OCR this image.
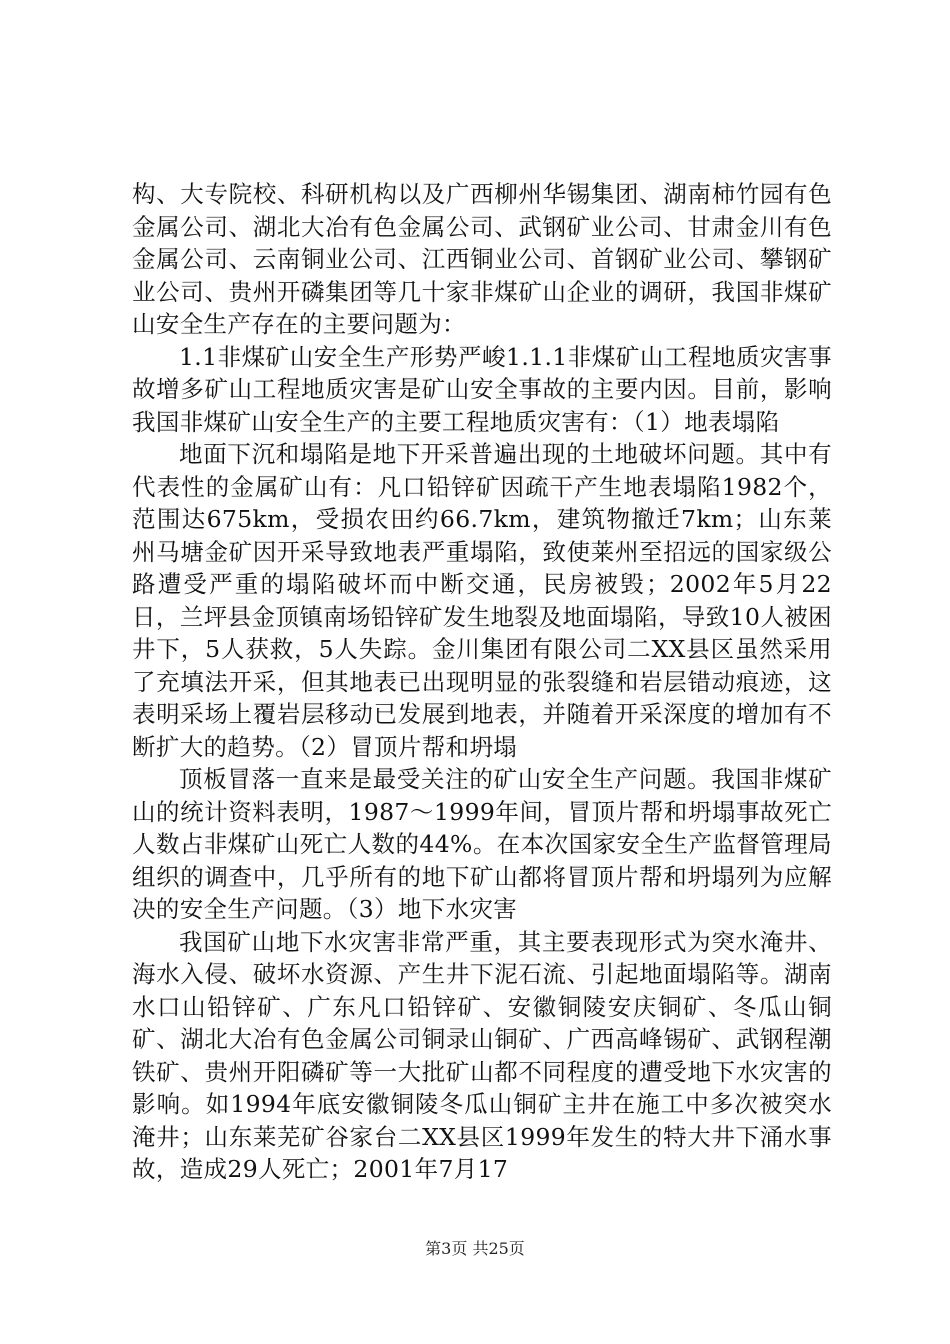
构、大专院校、科研机构以及广西柳州华锡集团、湖南柿竹园有色金属公司、湖北大冶有色金属公司、武钢矿业公司、甘肃金川有色金属公司、云南铜业公司、江西铜业公司、首钢矿业公司、攀钢矿业公司、贵州开磷集团等几十家非煤矿山企业的调研，我国非煤矿山安全生产存在的主要问题为：

1.1非煤矿山安全生产形势严峻1.1.1非煤矿山工程地质灾害事故增多矿山工程地质灾害是矿山安全事故的主要内因。目前，影响我国非煤矿山安全生产的主要工程地质灾害有：（1）地表塌陷

地面下沉和塌陷是地下开采普遍出现的土地破坏问题。其中有代表性的金属矿山有：凡口铅锌矿因疏干产生地表塌陷1982个，范围达675km，受损农田约66.7km，建筑物撤迁7km；山东莱州马塘金矿因开采导致地表严重塌陷，致使莱州至招远的国家级公路遭受严重的塌陷破坏而中断交通，民房被毁；2002年5月22日，兰坪县金顶镇南场铅锌矿发生地裂及地面塌陷，导致10人被困井下，5人获救，5人失踪。金川集团有限公司二XX县区虽然采用了充填法开采，但其地表已出现明显的张裂缝和岩层错动痕迹，这表明采场上覆岩层移动已发展到地表，并随着开采深度的增加有不断扩大的趋势。（2）冒顶片帮和坍塌

顶板冒落一直来是最受关注的矿山安全生产问题。我国非煤矿山的统计资料表明，1987～1999年间，冒顶片帮和坍塌事故死亡人数占非煤矿山死亡人数的44%。在本次国家安全生产监督管理局组织的调查中，几乎所有的地下矿山都将冒顶片帮和坍塌列为应解决的安全生产问题。（3）地下水灾害

我国矿山地下水灾害非常严重，其主要表现形式为突水淹井、海水入侵、破坏水资源、产生井下泥石流、引起地面塌陷等。湖南水口山铅锌矿、广东凡口铅锌矿、安徽铜陵安庆铜矿、冬瓜山铜矿、湖北大冶有色金属公司铜录山铜矿、广西高峰锡矿、武钢程潮铁矿、贵州开阳磷矿等一大批矿山都不同程度的遭受地下水灾害的影响。如1994年底安徽铜陵冬瓜山铜矿主井在施工中多次被突水淹井；山东莱芜矿谷家台二XX县区1999年发生的特大井下涌水事故，造成29人死亡；2001年7月17

第3页 共25页
